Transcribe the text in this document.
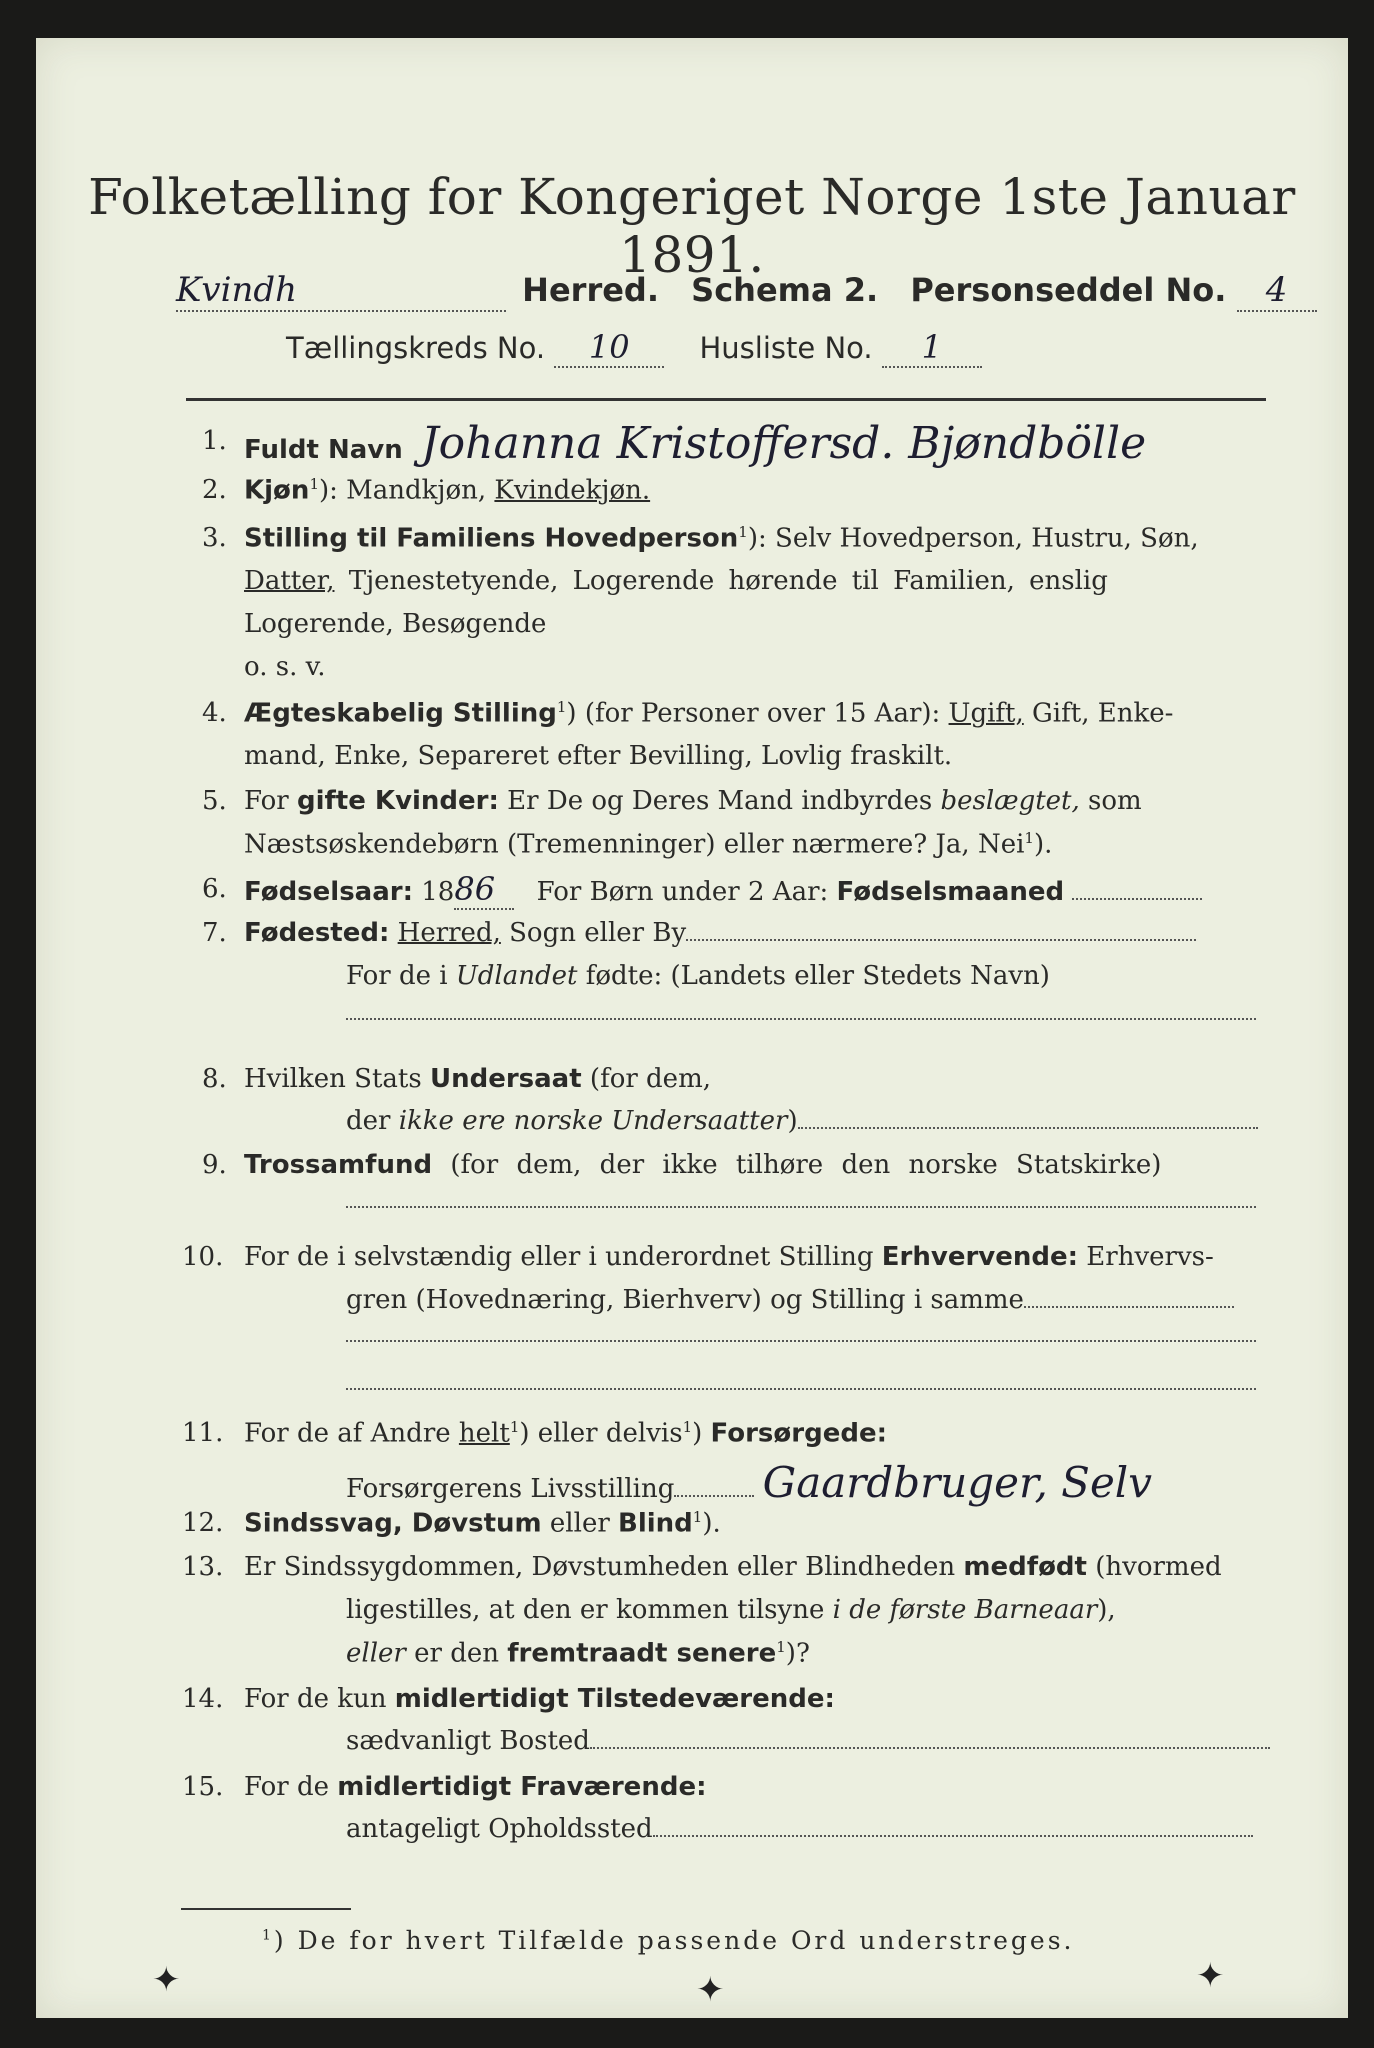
Folketælling for Kongeriget Norge 1ste Januar 1891.
Kvindh	Herred. Schema 2. Personseddel No. 4
Tællingskreds No. 10 Husliste No. 1
1. Fuldt Navn Johanna Kristoffersd. Bjøndbölle
2. Kjøn$^1$): Mandkjøn, Kvindekjøn.
3. Stilling til Familiens Hovedperson$^1$): Selv Hovedperson, Hustru, Søn,
Datter, Tjenestetyende, Logerende hørende til Familien, enslig
Logerende, Besøgende
o. s. v.
4. Ægteskabelig Stilling$^1$) (for Personer over 15 Aar): Ugift, Gift, Enke-
mand, Enke, Separeret efter Bevilling, Lovlig fraskilt.
5. For gifte Kvinder: Er De og Deres Mand indbyrdes beslægtet, som
Næstsøskendebørn (Tremenninger) eller nærmere? Ja, Nei$^1$).
6. Fødselsaar: 1886 For Børn under 2 Aar: Fødselsmaaned
7. Fødested: Herred, Sogn eller By
For de i Udlandet fødte: (Landets eller Stedets Navn)
8. Hvilken Stats Undersaat (for dem,
der ikke ere norske Undersaatter)
9. Trossamfund (for dem, der ikke tilhøre den norske Statskirke)
10. For de i selvstændig eller i underordnet Stilling Erhvervende: Erhvervs-
gren (Hovednæring, Bierhverv) og Stilling i samme
11. For de af Andre helt$^1$) eller delvis$^1$) Forsørgede:
Forsørgerens Livsstilling Gaardbruger, Selv
12. Sindssvag, Døvstum eller Blind$^1$).
13. Er Sindssygdommen, Døvstumheden eller Blindheden medfødt (hvormed
ligestilles, at den er kommen tilsyne i de første Barneaar),
eller er den fremtraadt senere$^1$)?
14. For de kun midlertidigt Tilstedeværende:
sædvanligt Bosted
15. For de midlertidigt Fraværende:
antageligt Opholdssted
$^1$) De for hvert Tilfælde passende Ord understreges.
✦	✦	✦
